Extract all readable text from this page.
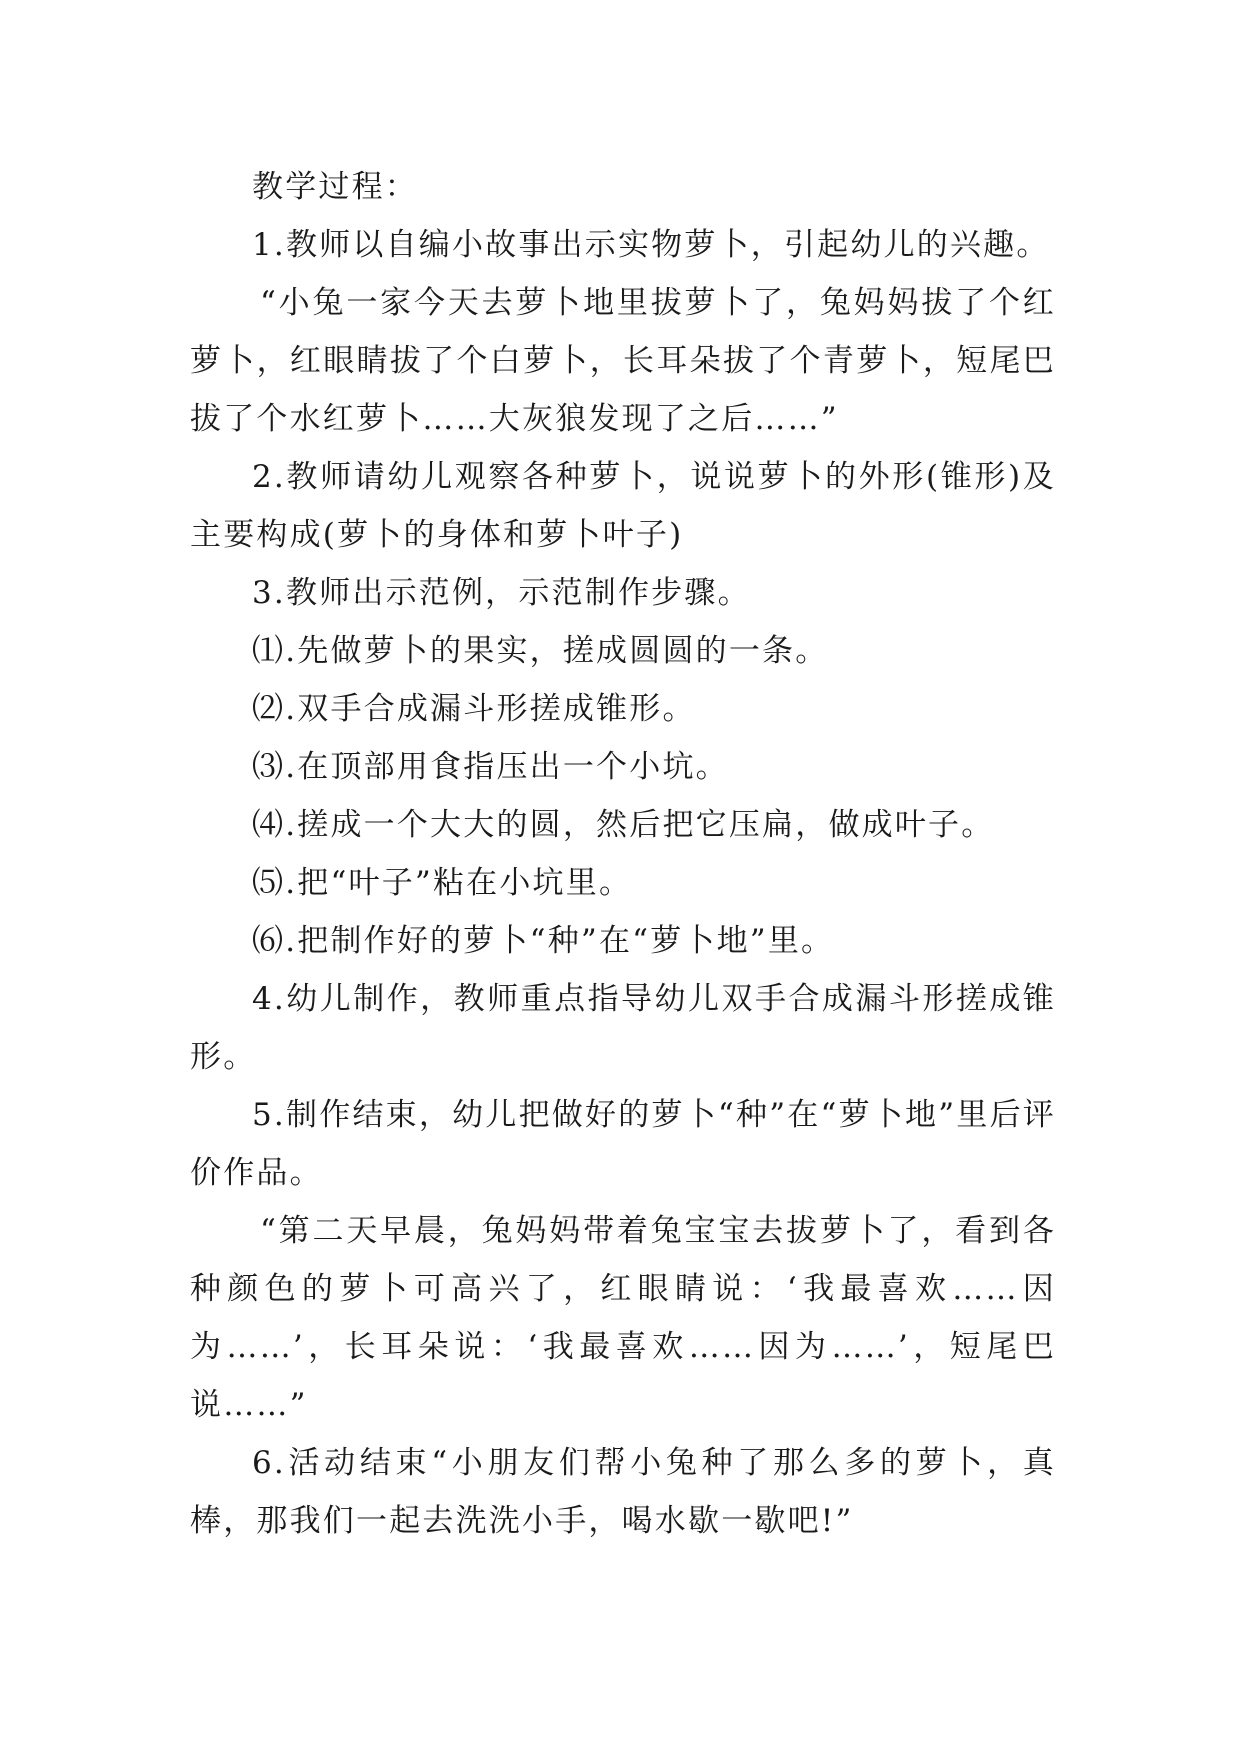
教学过程：

1.教师以自编小故事出示实物萝卜，引起幼儿的兴趣。

“小兔一家今天去萝卜地里拔萝卜了，兔妈妈拔了个红萝卜，红眼睛拔了个白萝卜，长耳朵拔了个青萝卜，短尾巴拔了个水红萝卜……大灰狼发现了之后……”

2.教师请幼儿观察各种萝卜，说说萝卜的外形(锥形)及主要构成(萝卜的身体和萝卜叶子)

3.教师出示范例，示范制作步骤。

⑴.先做萝卜的果实，搓成圆圆的一条。

⑵.双手合成漏斗形搓成锥形。

⑶.在顶部用食指压出一个小坑。

⑷.搓成一个大大的圆，然后把它压扁，做成叶子。

⑸.把“叶子”粘在小坑里。

⑹.把制作好的萝卜“种”在“萝卜地”里。

4.幼儿制作，教师重点指导幼儿双手合成漏斗形搓成锥形。

5.制作结束，幼儿把做好的萝卜“种”在“萝卜地”里后评价作品。

“第二天早晨，兔妈妈带着兔宝宝去拔萝卜了，看到各种颜色的萝卜可高兴了，红眼睛说：‘我最喜欢……因为……’，长耳朵说：‘我最喜欢……因为……’，短尾巴说……”

6.活动结束“小朋友们帮小兔种了那么多的萝卜，真棒，那我们一起去洗洗小手，喝水歇一歇吧!”
